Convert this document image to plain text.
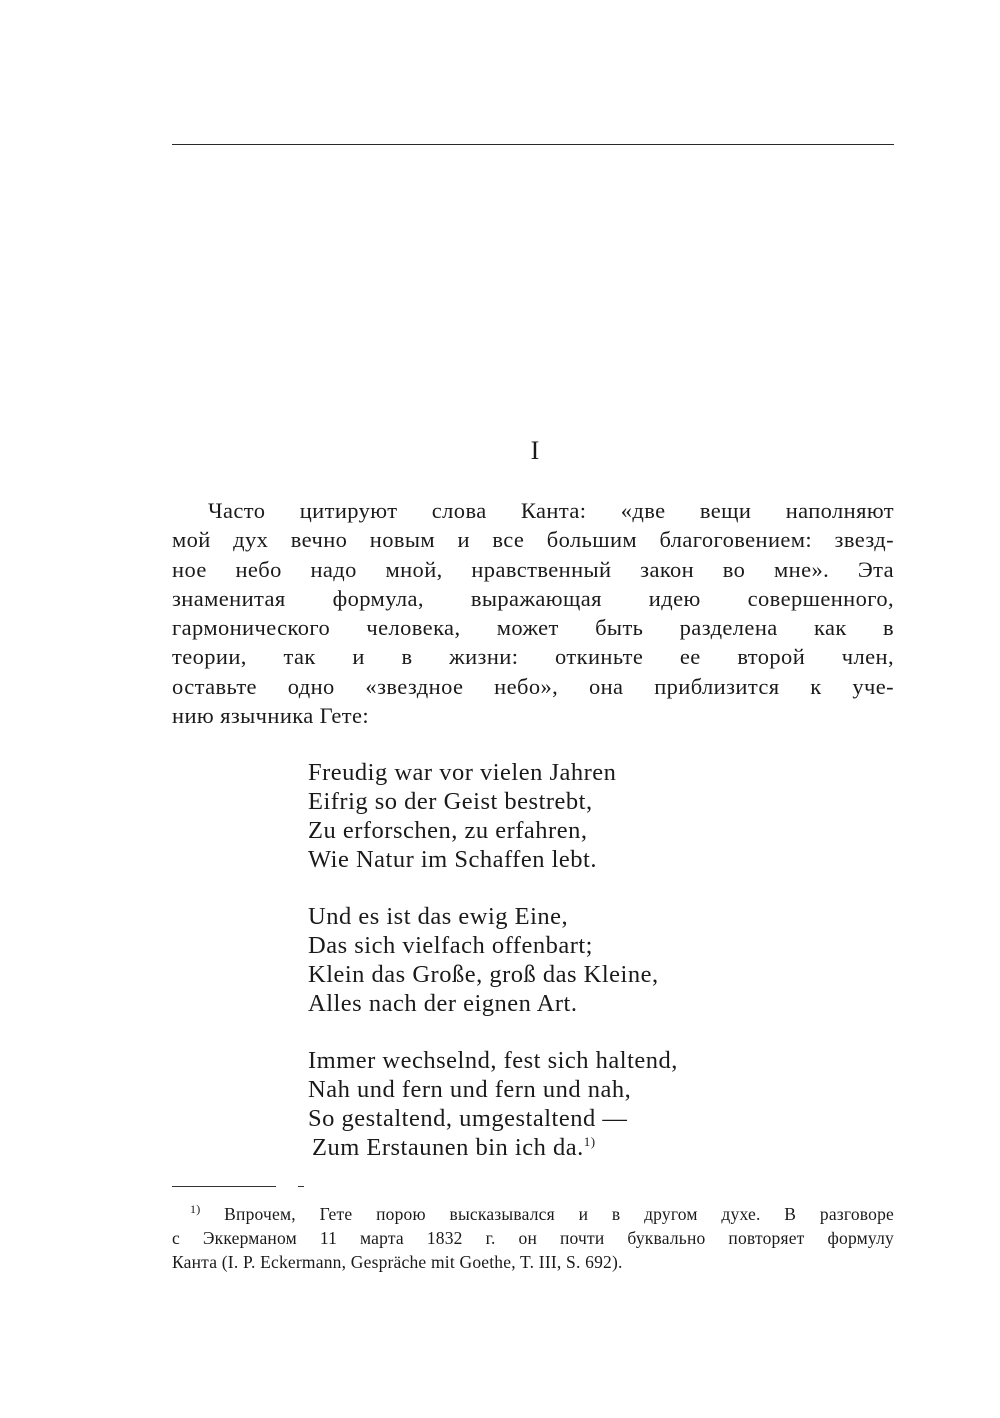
I
Часто цитируют слова Канта: «две вещи наполняют
мой дух вечно новым и все большим благоговением: звезд-
ное небо надо мной, нравственный закон во мне». Эта
знаменитая формула, выражающая идею совершенного,
гармонического человека, может быть разделена как в
теории, так и в жизни: откиньте ее второй член,
оставьте одно «звездное небо», она приблизится к уче-
нию язычника Гете:
Freudig war vor vielen Jahren
Eifrig so der Geist bestrebt,
Zu erforschen, zu erfahren,
Wie Natur im Schaffen lebt.
Und es ist das ewig Eine,
Das sich vielfach offenbart;
Klein das Große, groß das Kleine,
Alles nach der eignen Art.
Immer wechselnd, fest sich haltend,
Nah und fern und fern und nah,
So gestaltend, umgestaltend —
Zum Erstaunen bin ich da.$^{1)}$
$^{1)}$ Впрочем, Гете порою высказывался и в другом духе. В разговоре
с Эккерманом 11 марта 1832 г. он почти буквально повторяет формулу
Канта (I. P. Eckermann, Gespräche mit Goethe, T. III, S. 692).
